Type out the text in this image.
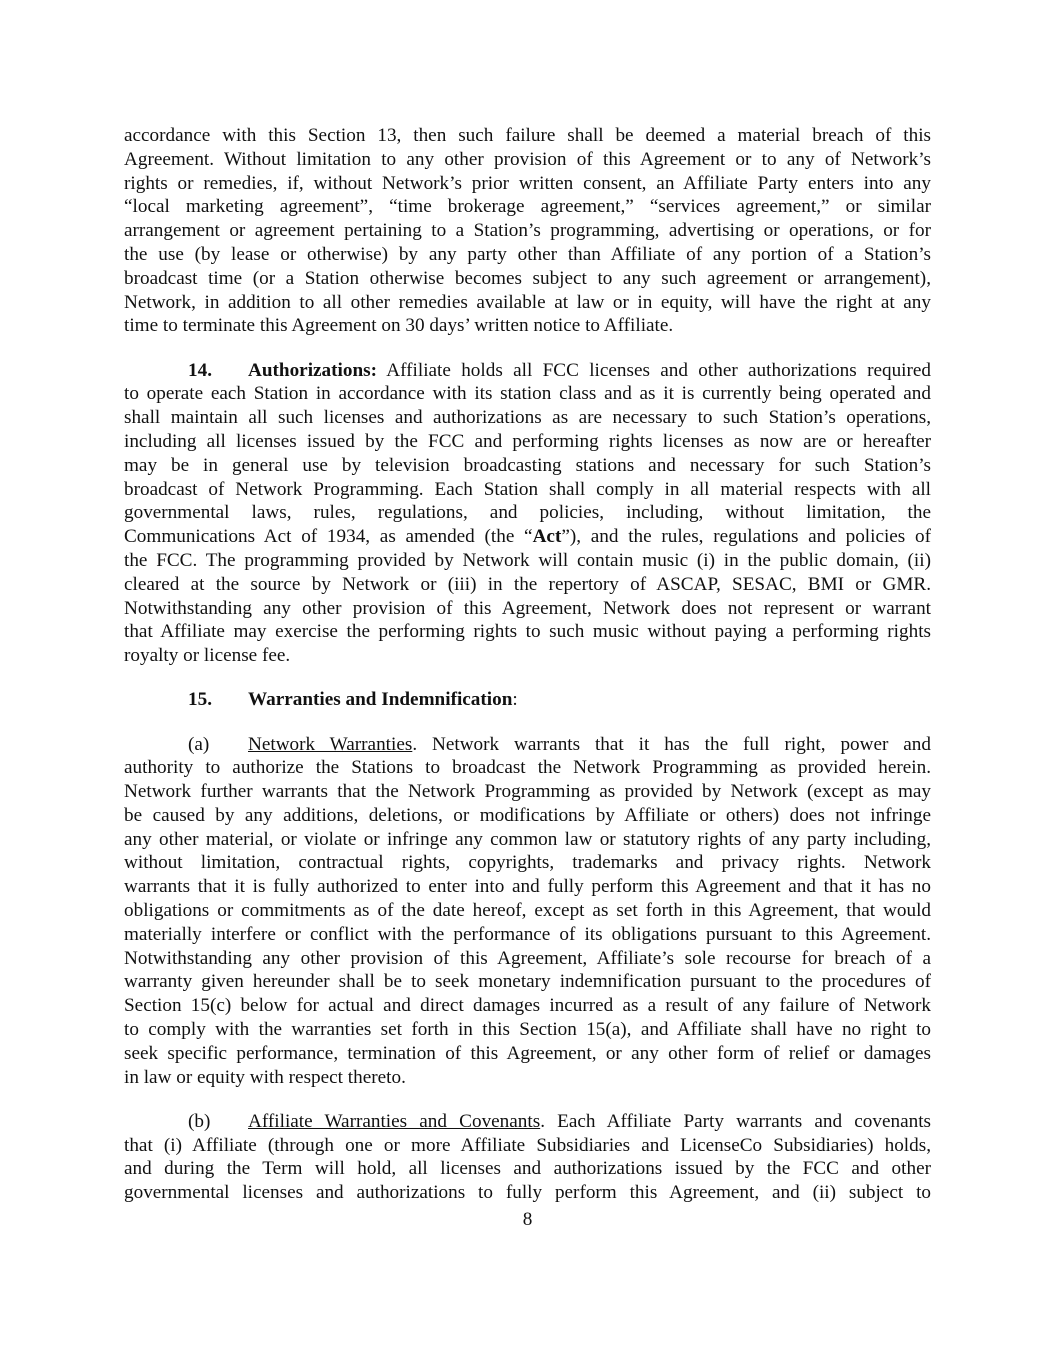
accordance with this Section 13, then such failure shall be deemed a material breach of this
Agreement. Without limitation to any other provision of this Agreement or to any of Network’s
rights or remedies, if, without Network’s prior written consent, an Affiliate Party enters into any
“local marketing agreement”, “time brokerage agreement,” “services agreement,” or similar
arrangement or agreement pertaining to a Station’s programming, advertising or operations, or for
the use (by lease or otherwise) by any party other than Affiliate of any portion of a Station’s
broadcast time (or a Station otherwise becomes subject to any such agreement or arrangement),
Network, in addition to all other remedies available at law or in equity, will have the right at any
time to terminate this Agreement on 30 days’ written notice to Affiliate.
14. Authorizations: Affiliate holds all FCC licenses and other authorizations required
to operate each Station in accordance with its station class and as it is currently being operated and
shall maintain all such licenses and authorizations as are necessary to such Station’s operations,
including all licenses issued by the FCC and performing rights licenses as now are or hereafter
may be in general use by television broadcasting stations and necessary for such Station’s
broadcast of Network Programming. Each Station shall comply in all material respects with all
governmental laws, rules, regulations, and policies, including, without limitation, the
Communications Act of 1934, as amended (the “Act”), and the rules, regulations and policies of
the FCC. The programming provided by Network will contain music (i) in the public domain, (ii)
cleared at the source by Network or (iii) in the repertory of ASCAP, SESAC, BMI or GMR.
Notwithstanding any other provision of this Agreement, Network does not represent or warrant
that Affiliate may exercise the performing rights to such music without paying a performing rights
royalty or license fee.
15. Warranties and Indemnification:
(a) Network Warranties. Network warrants that it has the full right, power and
authority to authorize the Stations to broadcast the Network Programming as provided herein.
Network further warrants that the Network Programming as provided by Network (except as may
be caused by any additions, deletions, or modifications by Affiliate or others) does not infringe
any other material, or violate or infringe any common law or statutory rights of any party including,
without limitation, contractual rights, copyrights, trademarks and privacy rights. Network
warrants that it is fully authorized to enter into and fully perform this Agreement and that it has no
obligations or commitments as of the date hereof, except as set forth in this Agreement, that would
materially interfere or conflict with the performance of its obligations pursuant to this Agreement.
Notwithstanding any other provision of this Agreement, Affiliate’s sole recourse for breach of a
warranty given hereunder shall be to seek monetary indemnification pursuant to the procedures of
Section 15(c) below for actual and direct damages incurred as a result of any failure of Network
to comply with the warranties set forth in this Section 15(a), and Affiliate shall have no right to
seek specific performance, termination of this Agreement, or any other form of relief or damages
in law or equity with respect thereto.
(b) Affiliate Warranties and Covenants. Each Affiliate Party warrants and covenants
that (i) Affiliate (through one or more Affiliate Subsidiaries and LicenseCo Subsidiaries) holds,
and during the Term will hold, all licenses and authorizations issued by the FCC and other
governmental licenses and authorizations to fully perform this Agreement, and (ii) subject to
8
